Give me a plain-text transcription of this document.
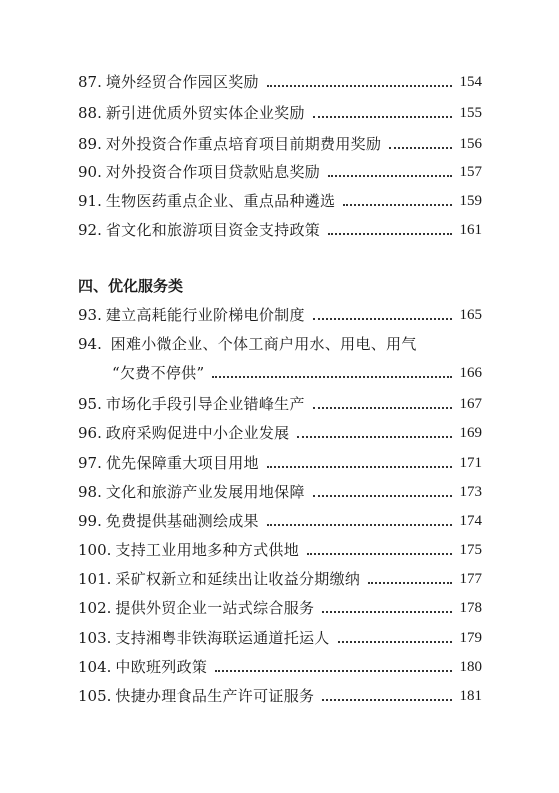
87. 境外经贸合作园区奖励	154
88. 新引进优质外贸实体企业奖励	155
89. 对外投资合作重点培育项目前期费用奖励	156
90. 对外投资合作项目贷款贴息奖励	157
91. 生物医药重点企业、重点品种遴选	159
92. 省文化和旅游项目资金支持政策	161
四、优化服务类
93. 建立高耗能行业阶梯电价制度	165
94. 困难小微企业、个体工商户用水、用电、用气
“欠费不停供”	166
95. 市场化手段引导企业错峰生产	167
96. 政府采购促进中小企业发展	169
97. 优先保障重大项目用地	171
98. 文化和旅游产业发展用地保障	173
99. 免费提供基础测绘成果	174
100. 支持工业用地多种方式供地	175
101. 采矿权新立和延续出让收益分期缴纳	177
102. 提供外贸企业一站式综合服务	178
103. 支持湘粤非铁海联运通道托运人	179
104. 中欧班列政策	180
105. 快捷办理食品生产许可证服务	181
